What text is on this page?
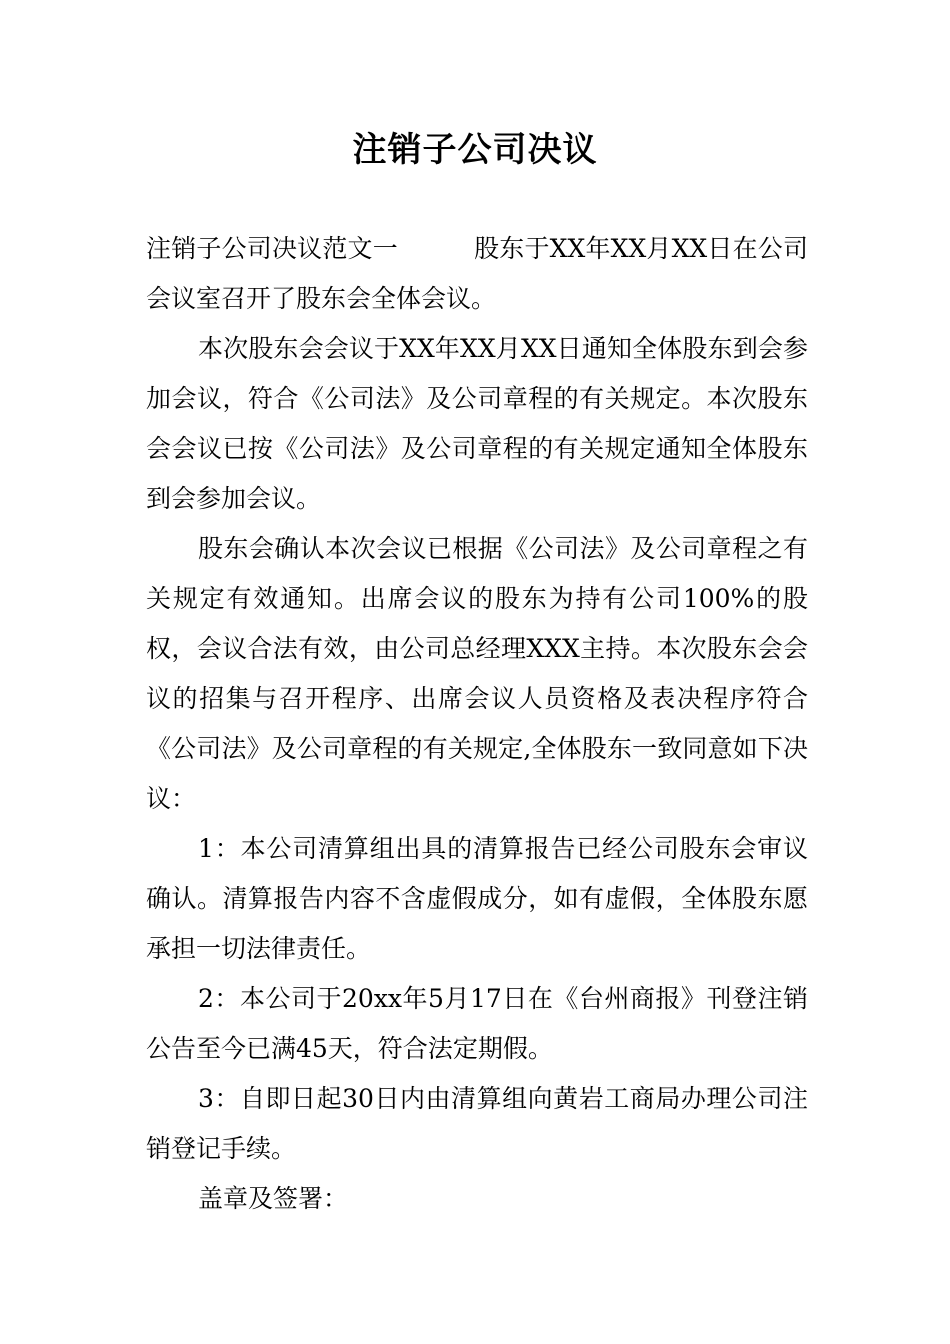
注销子公司决议

注销子公司决议范文一	股东于XX年XX月XX日在公司会议室召开了股东会全体会议。

本次股东会会议于XX年XX月XX日通知全体股东到会参加会议，符合《公司法》及公司章程的有关规定。本次股东会会议已按《公司法》及公司章程的有关规定通知全体股东到会参加会议。

股东会确认本次会议已根据《公司法》及公司章程之有关规定有效通知。出席会议的股东为持有公司100%的股权，会议合法有效，由公司总经理XXX主持。本次股东会会议的招集与召开程序、出席会议人员资格及表决程序符合《公司法》及公司章程的有关规定,全体股东一致同意如下决议：

1：本公司清算组出具的清算报告已经公司股东会审议确认。清算报告内容不含虚假成分，如有虚假，全体股东愿承担一切法律责任。

2：本公司于20xx年5月17日在《台州商报》刊登注销公告至今已满45天，符合法定期假。

3：自即日起30日内由清算组向黄岩工商局办理公司注销登记手续。

盖章及签署：
